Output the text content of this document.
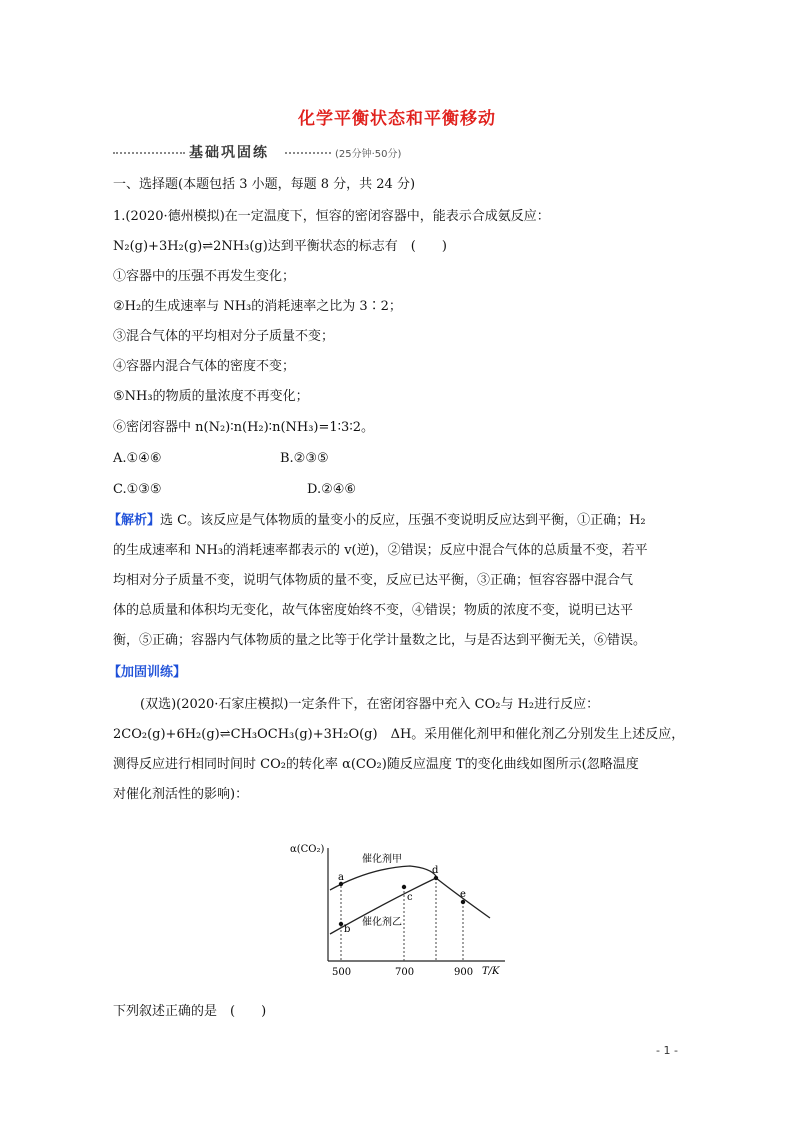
化学平衡状态和平衡移动
基础巩固练	(25分钟·50分)
一、选择题(本题包括 3 小题，每题 8 分，共 24 分)
1.(2020·德州模拟)在一定温度下，恒容的密闭容器中，能表示合成氨反应：
N₂(g)+3H₂(g)⇌2NH₃(g)达到平衡状态的标志有　(　　)
①容器中的压强不再发生变化；
②H₂的生成速率与 NH₃的消耗速率之比为 3∶2；
③混合气体的平均相对分子质量不变；
④容器内混合气体的密度不变；
⑤NH₃的物质的量浓度不再变化；
⑥密闭容器中 n(N₂)∶n(H₂)∶n(NH₃)=1∶3∶2。
A.①④⑥	B.②③⑤
C.①③⑤	D.②④⑥
【解析】选 C。该反应是气体物质的量变小的反应，压强不变说明反应达到平衡，①正确；H₂
的生成速率和 NH₃的消耗速率都表示的 v(逆)，②错误；反应中混合气体的总质量不变，若平
均相对分子质量不变，说明气体物质的量不变，反应已达平衡，③正确；恒容容器中混合气
体的总质量和体积均无变化，故气体密度始终不变，④错误；物质的浓度不变，说明已达平
衡，⑤正确；容器内气体物质的量之比等于化学计量数之比，与是否达到平衡无关，⑥错误。
【加固训练】
(双选)(2020·石家庄模拟)一定条件下，在密闭容器中充入 CO₂与 H₂进行反应：
2CO₂(g)+6H₂(g)⇌CH₃OCH₃(g)+3H₂O(g)　ΔH。采用催化剂甲和催化剂乙分别发生上述反应，
测得反应进行相同时间时 CO₂的转化率 α(CO₂)随反应温度 T的变化曲线如图所示(忽略温度
对催化剂活性的影响)：
α(CO₂)
T/K
500	700	900
a
b
c
d
e
催化剂甲
催化剂乙
下列叙述正确的是　(　　)
- 1 -
